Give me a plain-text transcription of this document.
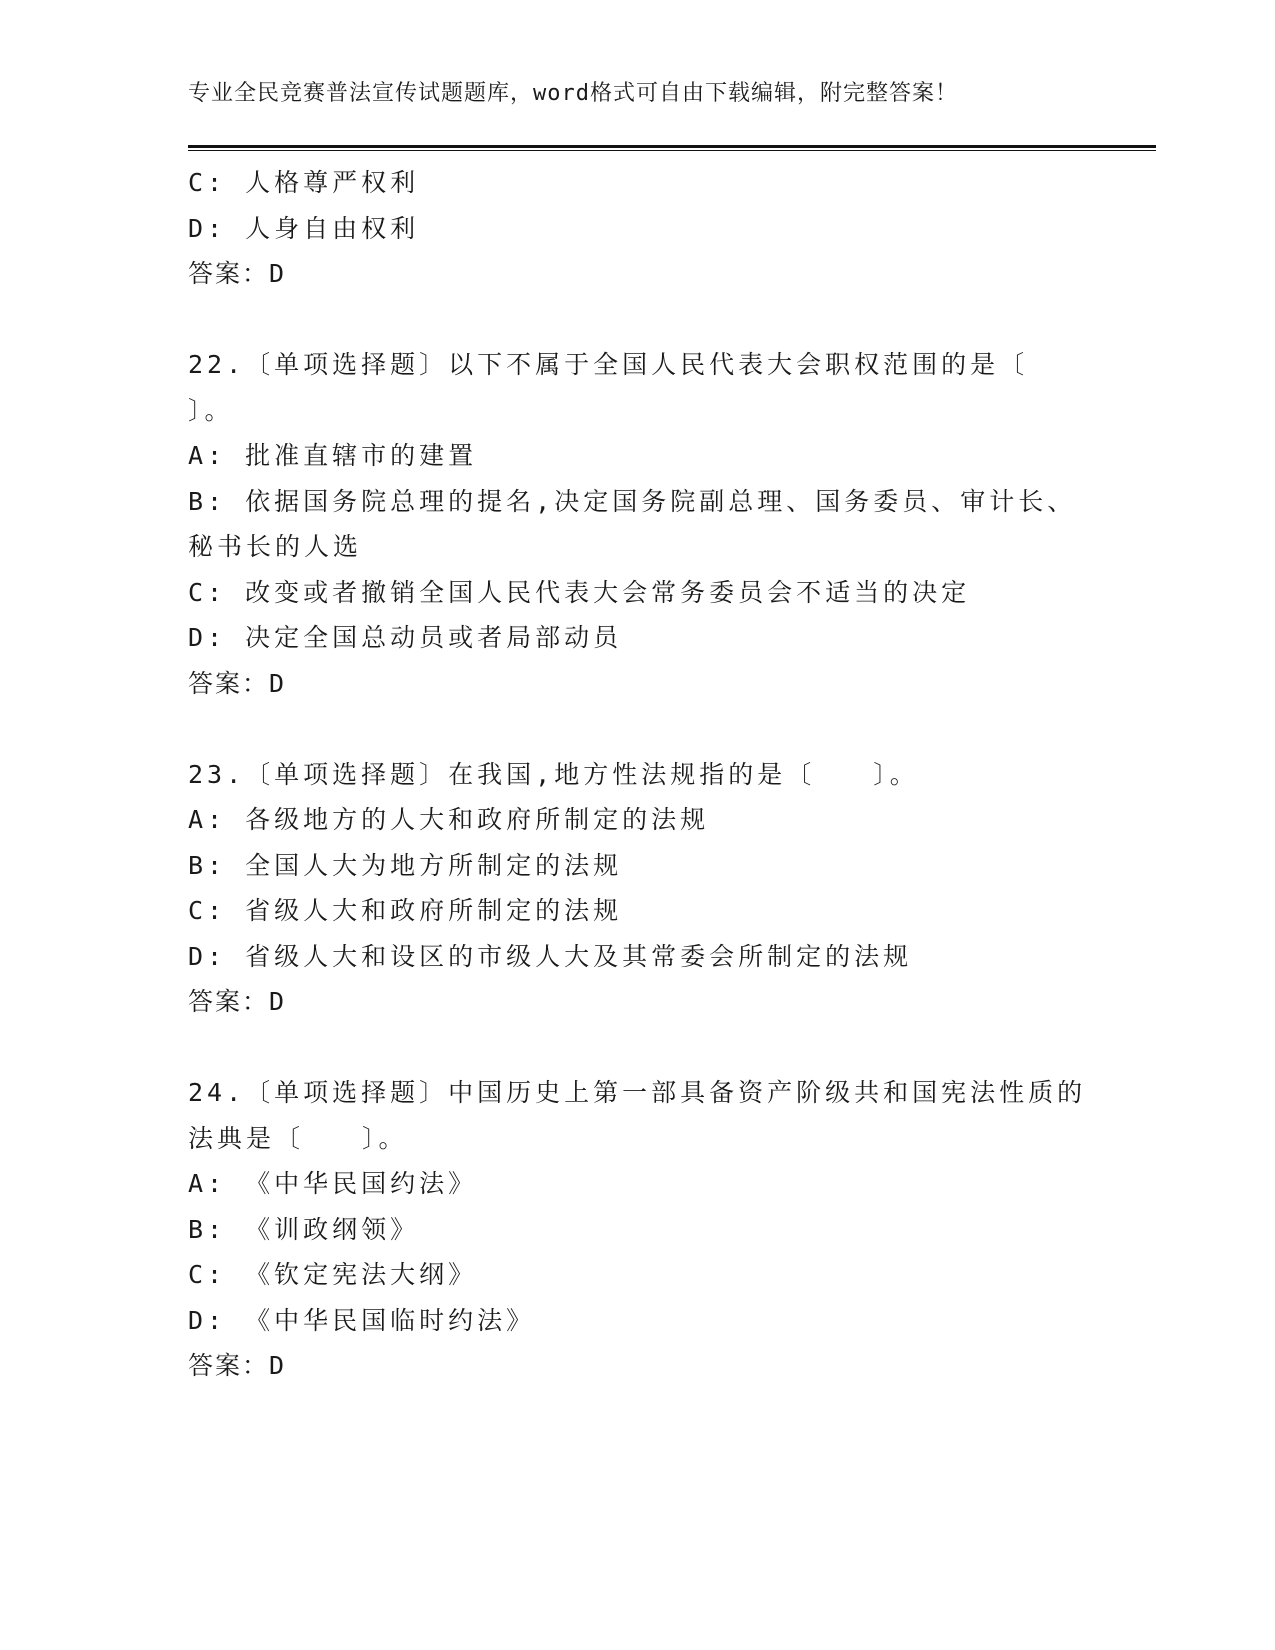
专业全民竞赛普法宣传试题题库，word格式可自由下载编辑，附完整答案！
C: 人格尊严权利
D: 人身自由权利
答案：D
22.〔单项选择题〕以下不属于全国人民代表大会职权范围的是〔
〕。
A: 批准直辖市的建置
B: 依据国务院总理的提名,决定国务院副总理、国务委员、审计长、
秘书长的人选
C: 改变或者撤销全国人民代表大会常务委员会不适当的决定
D: 决定全国总动员或者局部动员
答案：D
23.〔单项选择题〕在我国,地方性法规指的是〔　　〕。
A: 各级地方的人大和政府所制定的法规
B: 全国人大为地方所制定的法规
C: 省级人大和政府所制定的法规
D: 省级人大和设区的市级人大及其常委会所制定的法规
答案：D
24.〔单项选择题〕中国历史上第一部具备资产阶级共和国宪法性质的
法典是〔　　〕。
A: 《中华民国约法》
B: 《训政纲领》
C: 《钦定宪法大纲》
D: 《中华民国临时约法》
答案：D
